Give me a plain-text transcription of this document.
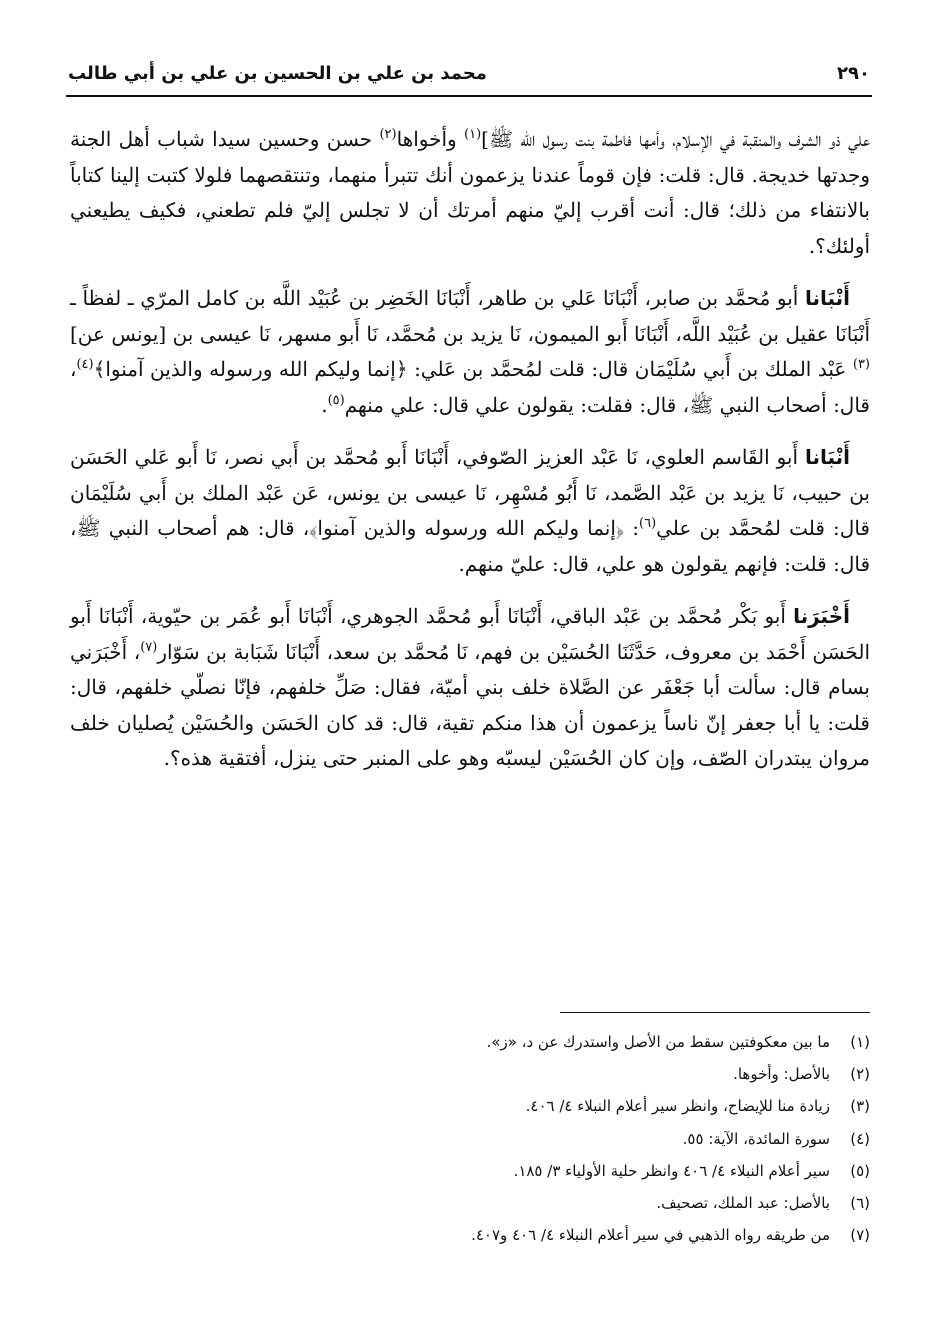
٢٩٠
محمد بن علي بن الحسين بن علي بن أبي طالب

علي ذو الشرف والمنقبة في الإسلام، وأمها فاطمة بنت رسول الله ﷺ]$^{(١)}$ وأخواها$^{(٢)}$ حسن وحسين سيدا شباب أهل الجنة وجدتها خديجة. قال: قلت: فإن قوماً عندنا يزعمون أنك تتبرأ منهما، وتنتقصهما فلولا كتبت إلينا كتاباً بالانتفاء من ذلك؛ قال: أنت أقرب إليّ منهم أمرتك أن لا تجلس إليّ فلم تطعني، فكيف يطيعني أولئك؟.

أَنْبَانا أبو مُحمَّد بن صابر، أَنْبَانَا عَلي بن طاهر، أَنْبَانَا الخَضِر بن عُبَيْد اللَّه بن كامل المرّي ـ لفظاً ـ أَنْبَانَا عقيل بن عُبَيْد اللَّه، أَنْبَانَا أَبو الميمون، نَا يزيد بن مُحمَّد، نَا أَبو مسهر، نَا عيسى بن [يونس عن]$^{(٣)}$ عَبْد الملك بن أَبي سُلَيْمَان قال: قلت لمُحمَّد بن عَلي: ﴿إنما وليكم الله ورسوله والذين آمنوا﴾$^{(٤)}$، قال: أصحاب النبي ﷺ، قال: فقلت: يقولون علي قال: علي منهم$^{(٥)}$.

أَنْبَانا أَبو القَاسم العلوي، نَا عَبْد العزيز الصّوفي، أَنْبَانَا أَبو مُحمَّد بن أَبي نصر، نَا أَبو عَلي الحَسَن بن حبيب، نَا يزيد بن عَبْد الصَّمد، نَا أَبُو مُسْهِر، نَا عيسى بن يونس، عَن عَبْد الملك بن أَبي سُلَيْمَان قال: قلت لمُحمَّد بن علي$^{(٦)}$: ﴿إنما وليكم الله ورسوله والذين آمنوا﴾، قال: هم أصحاب النبي ﷺ، قال: قلت: فإنهم يقولون هو علي، قال: عليّ منهم.

أَخْبَرَنا أَبو بَكْر مُحمَّد بن عَبْد الباقي، أَنْبَانَا أَبو مُحمَّد الجوهري، أَنْبَانَا أَبو عُمَر بن حيّوية، أَنْبَانَا أَبو الحَسَن أَحْمَد بن معروف، حَدَّثَنَا الحُسَيْن بن فهم، نَا مُحمَّد بن سعد، أَنْبَانَا شَبَابة بن سَوّار$^{(٧)}$، أَخْبَرَني بسام قال: سألت أبا جَعْفَر عن الصَّلاة خلف بني أميّة، فقال: صَلِّ خلفهم، فإنّا نصلّي خلفهم، قال: قلت: يا أبا جعفر إنّ ناساً يزعمون أن هذا منكم تقية، قال: قد كان الحَسَن والحُسَيْن يُصليان خلف مروان يبتدران الصّف، وإن كان الحُسَيْن ليسبّه وهو على المنبر حتى ينزل، أفتقية هذه؟.

(١)
ما بين معكوفتين سقط من الأصل واستدرك عن د، «ز».
(٢)
بالأصل: وأخوها.
(٣)
زيادة منا للإيضاح، وانظر سير أعلام النبلاء ٤/ ٤٠٦.
(٤)
سورة المائدة، الآية: ٥٥.
(٥)
سير أعلام النبلاء ٤/ ٤٠٦ وانظر حلية الأولياء ٣/ ١٨٥.
(٦)
بالأصل: عبد الملك، تصحيف.
(٧)
من طريقه رواه الذهبي في سير أعلام النبلاء ٤/ ٤٠٦ و٤٠٧.
